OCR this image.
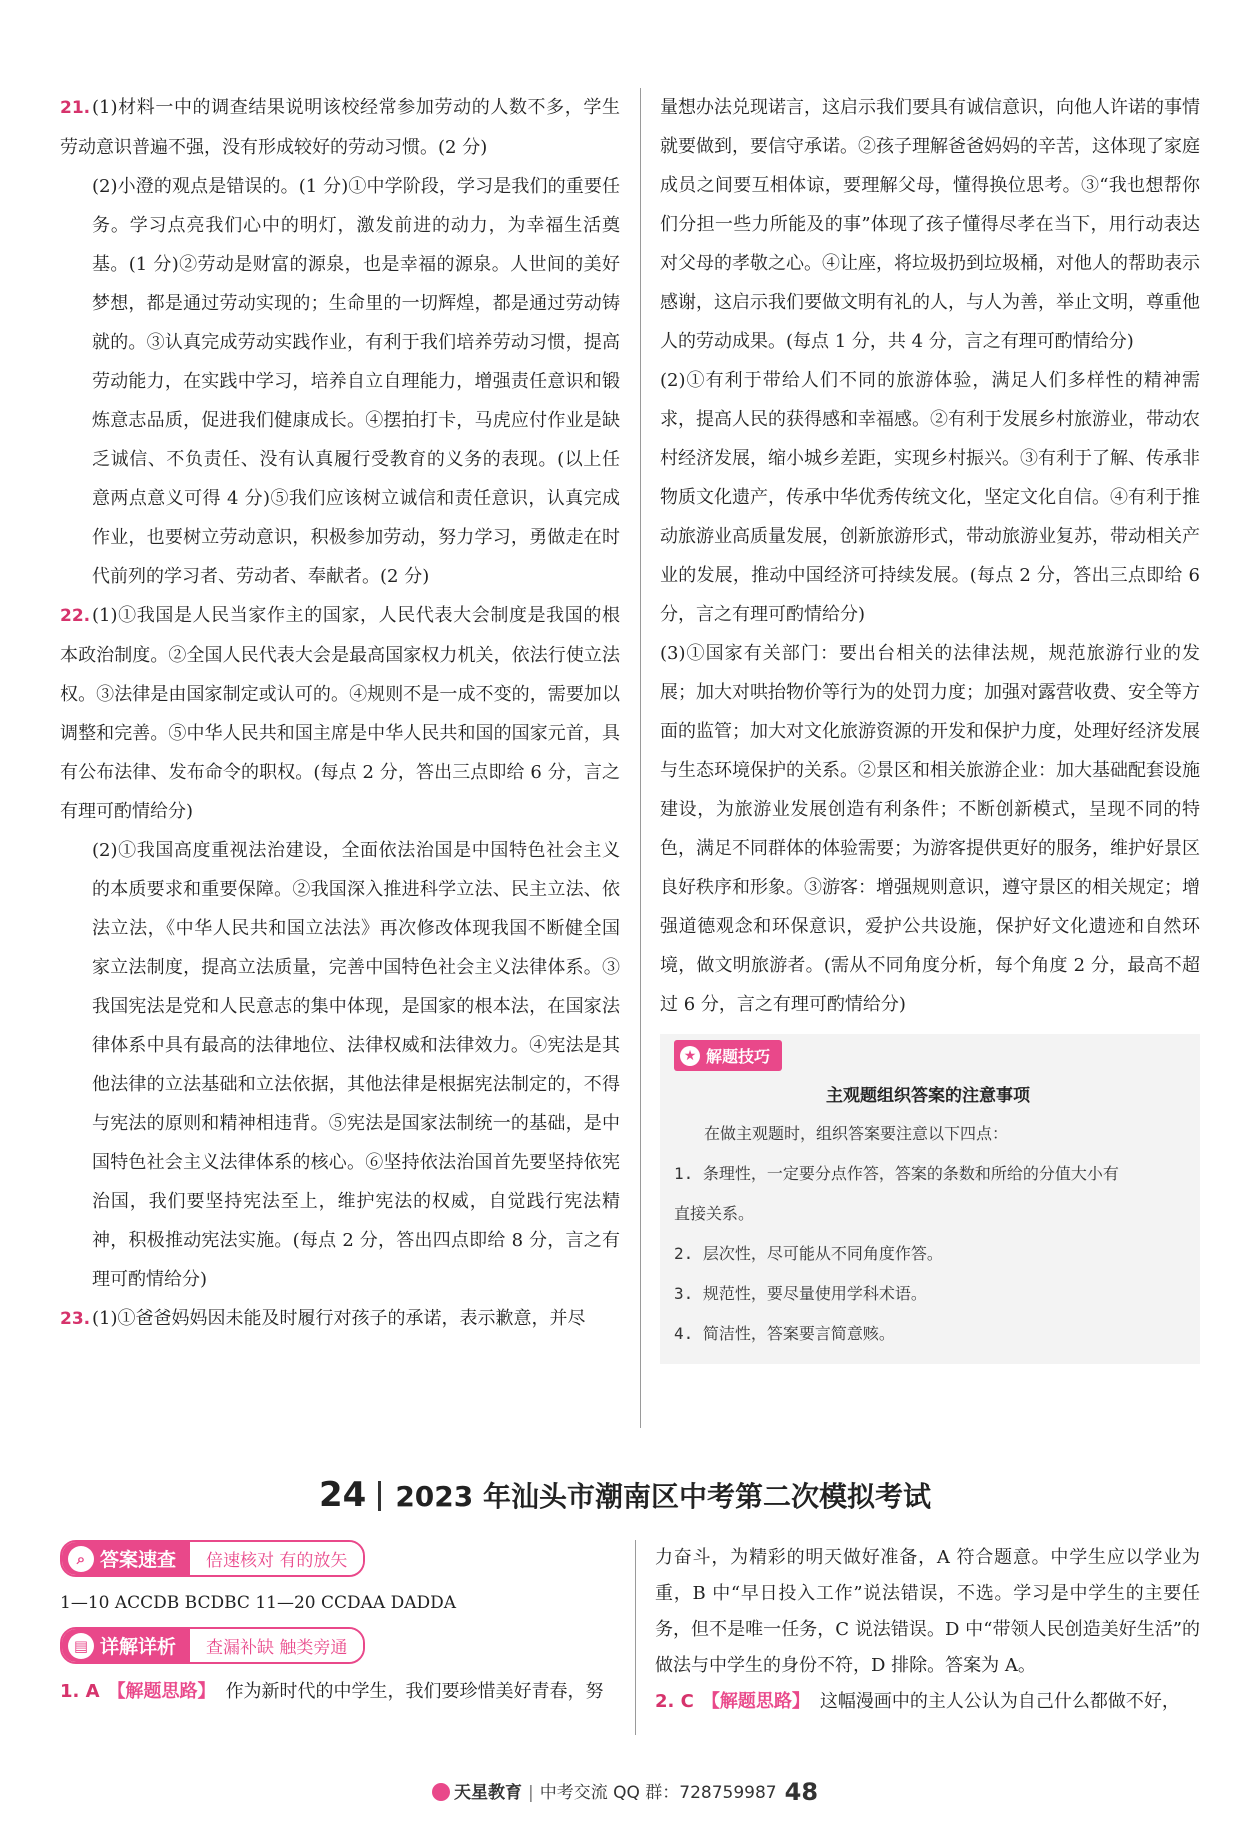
21. (1)材料一中的调查结果说明该校经常参加劳动的人数不多，学生劳动意识普遍不强，没有形成较好的劳动习惯。(2 分)

(2)小澄的观点是错误的。(1 分)①中学阶段，学习是我们的重要任务。学习点亮我们心中的明灯，激发前进的动力，为幸福生活奠基。(1 分)②劳动是财富的源泉，也是幸福的源泉。人世间的美好梦想，都是通过劳动实现的；生命里的一切辉煌，都是通过劳动铸就的。③认真完成劳动实践作业，有利于我们培养劳动习惯，提高劳动能力，在实践中学习，培养自立自理能力，增强责任意识和锻炼意志品质，促进我们健康成长。④摆拍打卡，马虎应付作业是缺乏诚信、不负责任、没有认真履行受教育的义务的表现。(以上任意两点意义可得 4 分)⑤我们应该树立诚信和责任意识，认真完成作业，也要树立劳动意识，积极参加劳动，努力学习，勇做走在时代前列的学习者、劳动者、奉献者。(2 分)

22. (1)①我国是人民当家作主的国家，人民代表大会制度是我国的根本政治制度。②全国人民代表大会是最高国家权力机关，依法行使立法权。③法律是由国家制定或认可的。④规则不是一成不变的，需要加以调整和完善。⑤中华人民共和国主席是中华人民共和国的国家元首，具有公布法律、发布命令的职权。(每点 2 分，答出三点即给 6 分，言之有理可酌情给分)

(2)①我国高度重视法治建设，全面依法治国是中国特色社会主义的本质要求和重要保障。②我国深入推进科学立法、民主立法、依法立法，《中华人民共和国立法法》再次修改体现我国不断健全国家立法制度，提高立法质量，完善中国特色社会主义法律体系。③我国宪法是党和人民意志的集中体现，是国家的根本法，在国家法律体系中具有最高的法律地位、法律权威和法律效力。④宪法是其他法律的立法基础和立法依据，其他法律是根据宪法制定的，不得与宪法的原则和精神相违背。⑤宪法是国家法制统一的基础，是中国特色社会主义法律体系的核心。⑥坚持依法治国首先要坚持依宪治国，我们要坚持宪法至上，维护宪法的权威，自觉践行宪法精神，积极推动宪法实施。(每点 2 分，答出四点即给 8 分，言之有理可酌情给分)

23. (1)①爸爸妈妈因未能及时履行对孩子的承诺，表示歉意，并尽

量想办法兑现诺言，这启示我们要具有诚信意识，向他人许诺的事情就要做到，要信守承诺。②孩子理解爸爸妈妈的辛苦，这体现了家庭成员之间要互相体谅，要理解父母，懂得换位思考。③“我也想帮你们分担一些力所能及的事”体现了孩子懂得尽孝在当下，用行动表达对父母的孝敬之心。④让座，将垃圾扔到垃圾桶，对他人的帮助表示感谢，这启示我们要做文明有礼的人，与人为善，举止文明，尊重他人的劳动成果。(每点 1 分，共 4 分，言之有理可酌情给分)

(2)①有利于带给人们不同的旅游体验，满足人们多样性的精神需求，提高人民的获得感和幸福感。②有利于发展乡村旅游业，带动农村经济发展，缩小城乡差距，实现乡村振兴。③有利于了解、传承非物质文化遗产，传承中华优秀传统文化，坚定文化自信。④有利于推动旅游业高质量发展，创新旅游形式，带动旅游业复苏，带动相关产业的发展，推动中国经济可持续发展。(每点 2 分，答出三点即给 6 分，言之有理可酌情给分)

(3)①国家有关部门：要出台相关的法律法规，规范旅游行业的发展；加大对哄抬物价等行为的处罚力度；加强对露营收费、安全等方面的监管；加大对文化旅游资源的开发和保护力度，处理好经济发展与生态环境保护的关系。②景区和相关旅游企业：加大基础配套设施建设，为旅游业发展创造有利条件；不断创新模式，呈现不同的特色，满足不同群体的体验需要；为游客提供更好的服务，维护好景区良好秩序和形象。③游客：增强规则意识，遵守景区的相关规定；增强道德观念和环保意识，爱护公共设施，保护好文化遗迹和自然环境，做文明旅游者。(需从不同角度分析，每个角度 2 分，最高不超过 6 分，言之有理可酌情给分)

★ 解题技巧
主观题组织答案的注意事项
在做主观题时，组织答案要注意以下四点：
1. 条理性，一定要分点作答，答案的条数和所给的分值大小有
直接关系。
2. 层次性，尽可能从不同角度作答。
3. 规范性，要尽量使用学科术语。
4. 简洁性，答案要言简意赅。
24 2023 年汕头市潮南区中考第二次模拟考试
⌕ 答案速查	倍速核对 有的放矢
1—10 ACCDB BCDBC 11—20 CCDAA DADDA
▤ 详解详析	查漏补缺 触类旁通

1. A 【解题思路】 作为新时代的中学生，我们要珍惜美好青春，努

力奋斗，为精彩的明天做好准备，A 符合题意。中学生应以学业为重，B 中“早日投入工作”说法错误，不选。学习是中学生的主要任务，但不是唯一任务，C 说法错误。D 中“带领人民创造美好生活”的做法与中学生的身份不符，D 排除。答案为 A。

2. C 【解题思路】 这幅漫画中的主人公认为自己什么都做不好，

天星教育 | 中考交流 QQ 群：728759987 48
